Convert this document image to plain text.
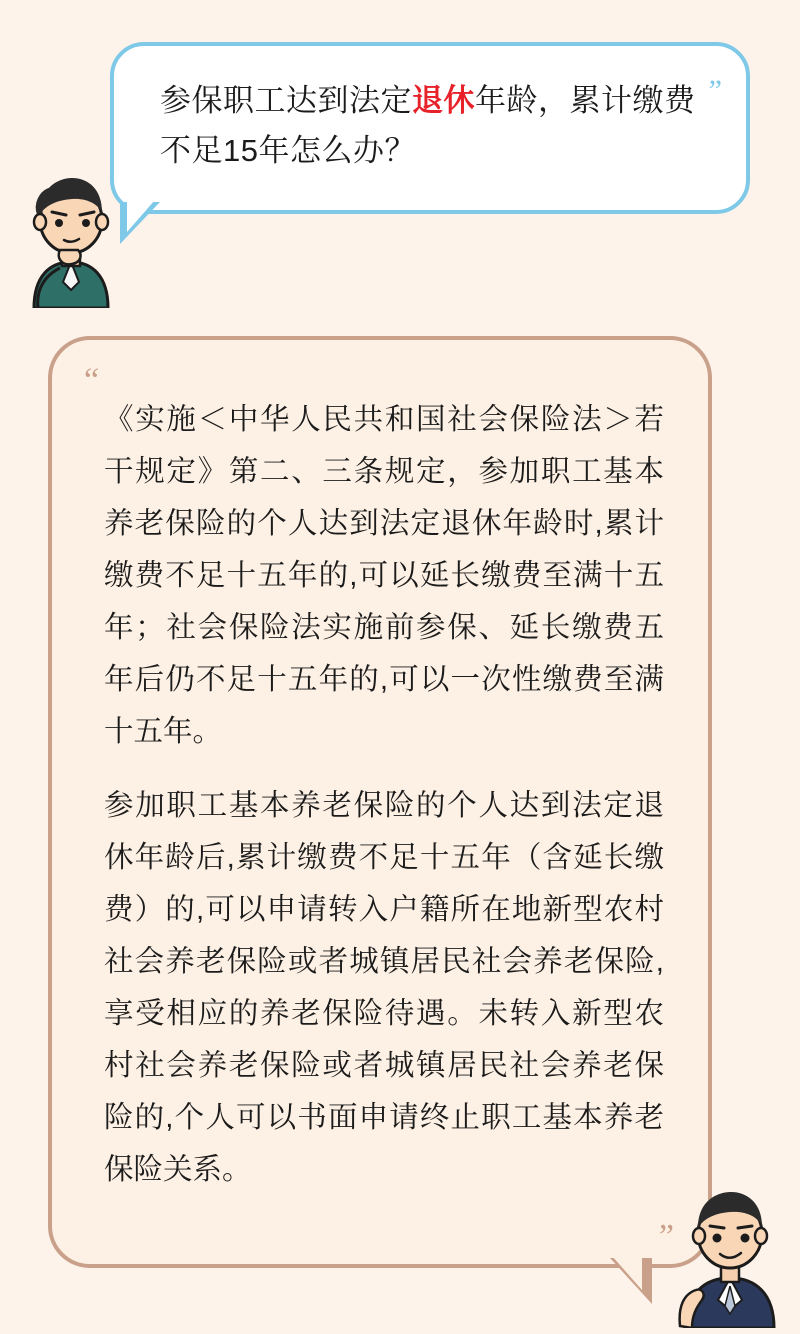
”
参保职工达到法定退休年龄，累计缴费不足15年怎么办？
“

《实施＜中华人民共和国社会保险法＞若干规定》第二、三条规定，参加职工基本养老保险的个人达到法定退休年龄时,累计缴费不足十五年的,可以延长缴费至满十五年；社会保险法实施前参保、延长缴费五年后仍不足十五年的,可以一次性缴费至满十五年。

参加职工基本养老保险的个人达到法定退休年龄后,累计缴费不足十五年（含延长缴费）的,可以申请转入户籍所在地新型农村社会养老保险或者城镇居民社会养老保险,享受相应的养老保险待遇。未转入新型农村社会养老保险或者城镇居民社会养老保险的,个人可以书面申请终止职工基本养老保险关系。

”
